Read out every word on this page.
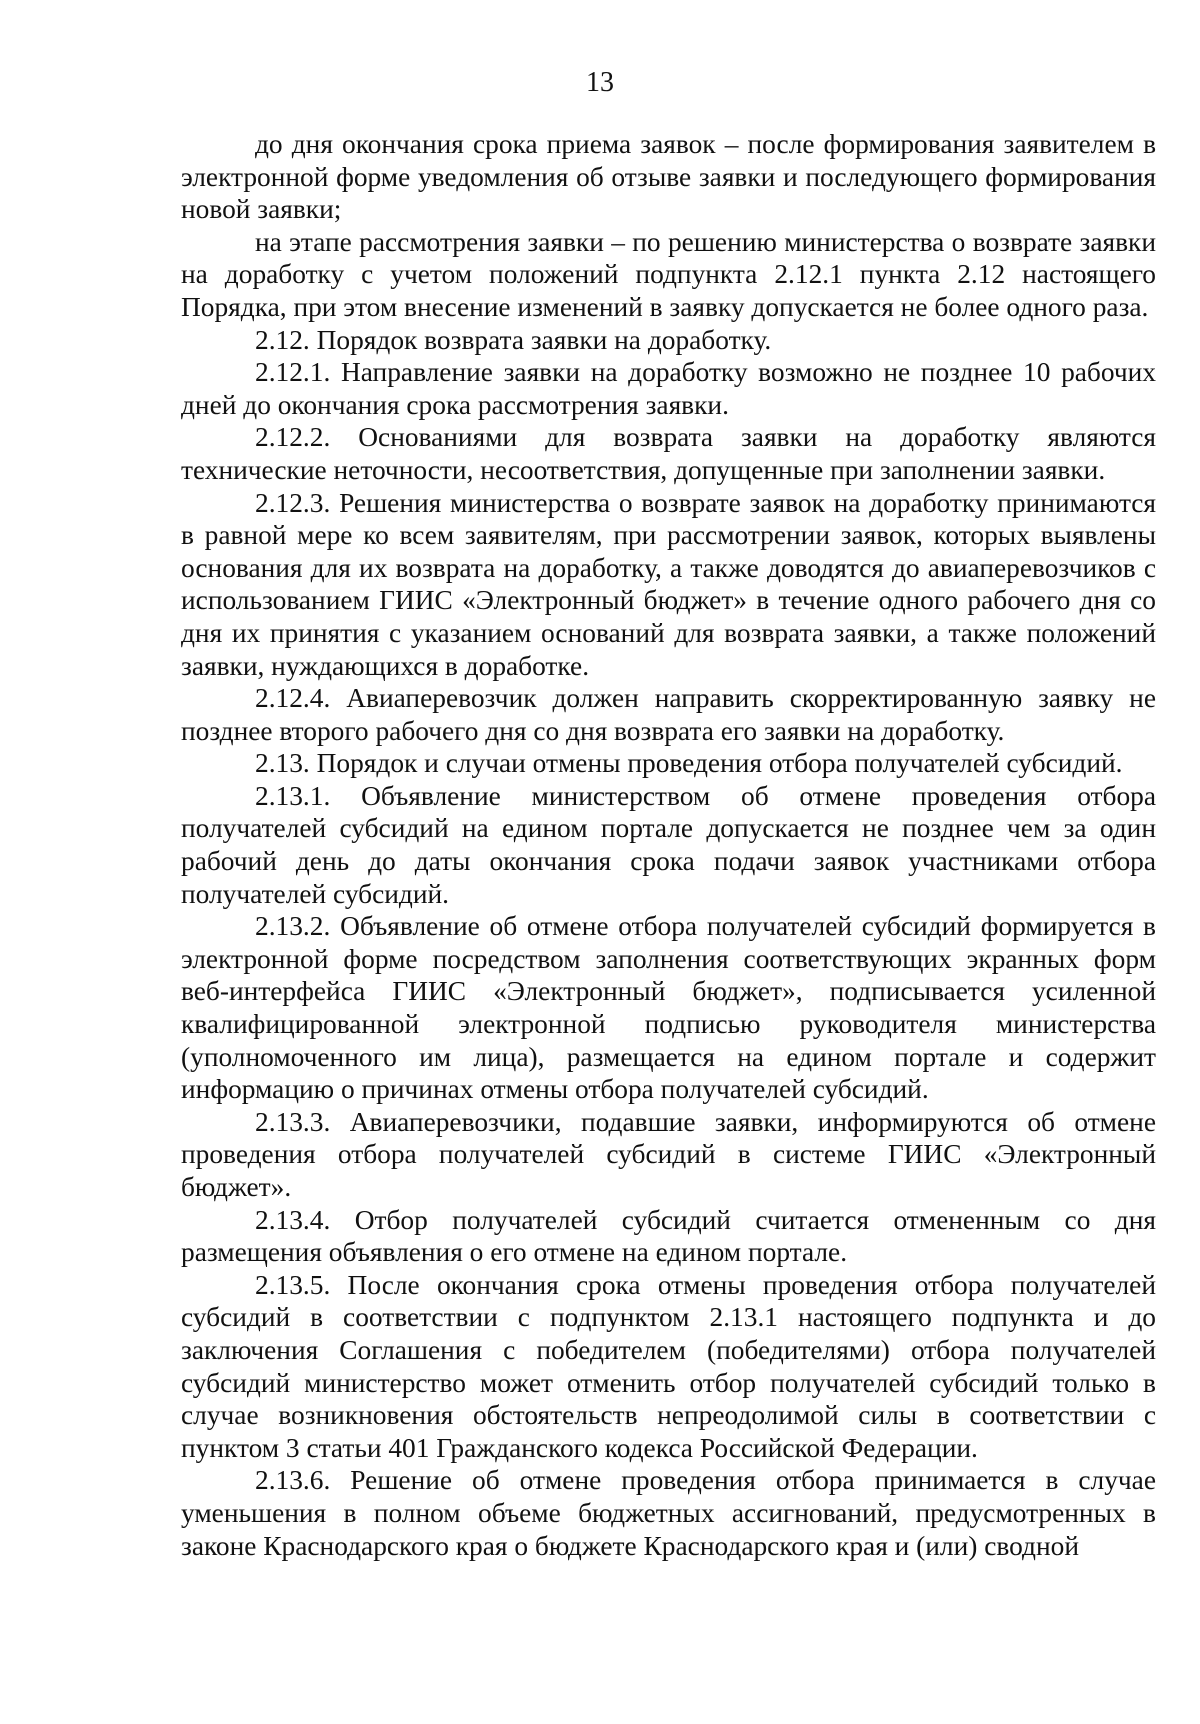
13

до дня окончания срока приема заявок – после формирования заявителем в электронной форме уведомления об отзыве заявки и последующего формирования новой заявки;

на этапе рассмотрения заявки – по решению министерства о возврате заявки на доработку с учетом положений подпункта 2.12.1 пункта 2.12 настоящего Порядка, при этом внесение изменений в заявку допускается не более одного раза.

2.12. Порядок возврата заявки на доработку.

2.12.1. Направление заявки на доработку возможно не позднее 10 рабочих дней до окончания срока рассмотрения заявки.

2.12.2. Основаниями для возврата заявки на доработку являются технические неточности, несоответствия, допущенные при заполнении заявки.

2.12.3. Решения министерства о возврате заявок на доработку принимаются в равной мере ко всем заявителям, при рассмотрении заявок, которых выявлены основания для их возврата на доработку, а также доводятся до авиаперевозчиков с использованием ГИИС «Электронный бюджет» в течение одного рабочего дня со дня их принятия с указанием оснований для возврата заявки, а также положений заявки, нуждающихся в доработке.

2.12.4. Авиаперевозчик должен направить скорректированную заявку не позднее второго рабочего дня со дня возврата его заявки на доработку.

2.13. Порядок и случаи отмены проведения отбора получателей субсидий.

2.13.1. Объявление министерством об отмене проведения отбора получателей субсидий на едином портале допускается не позднее чем за один рабочий день до даты окончания срока подачи заявок участниками отбора получателей субсидий.

2.13.2. Объявление об отмене отбора получателей субсидий формируется в электронной форме посредством заполнения соответствующих экранных форм веб-интерфейса ГИИС «Электронный бюджет», подписывается усиленной квалифицированной электронной подписью руководителя министерства (уполномоченного им лица), размещается на едином портале и содержит информацию о причинах отмены отбора получателей субсидий.

2.13.3. Авиаперевозчики, подавшие заявки, информируются об отмене проведения отбора получателей субсидий в системе ГИИС «Электронный бюджет».

2.13.4. Отбор получателей субсидий считается отмененным со дня размещения объявления о его отмене на едином портале.

2.13.5. После окончания срока отмены проведения отбора получателей субсидий в соответствии с подпунктом 2.13.1 настоящего подпункта и до заключения Соглашения с победителем (победителями) отбора получателей субсидий министерство может отменить отбор получателей субсидий только в случае возникновения обстоятельств непреодолимой силы в соответствии с пунктом 3 статьи 401 Гражданского кодекса Российской Федерации.

2.13.6. Решение об отмене проведения отбора принимается в случае уменьшения в полном объеме бюджетных ассигнований, предусмотренных в законе Краснодарского края о бюджете Краснодарского края и (или) сводной
